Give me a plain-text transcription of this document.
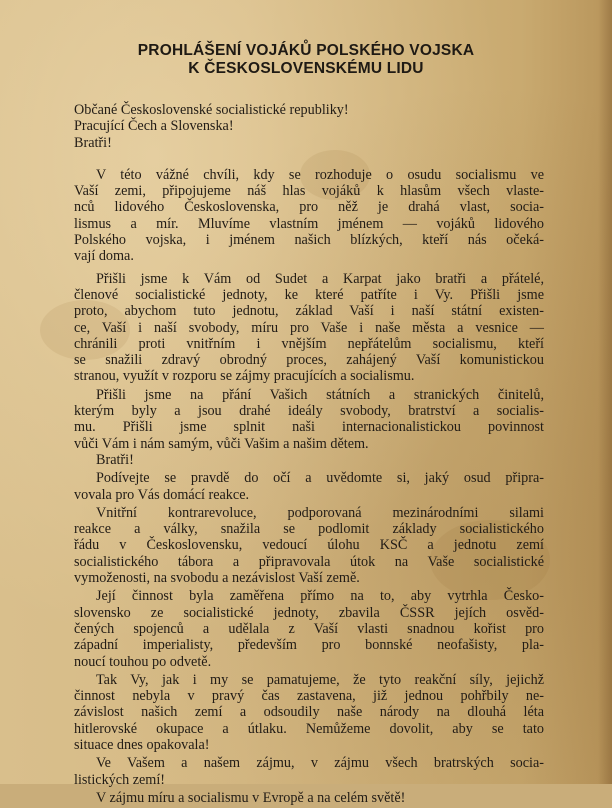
PROHLÁŠENÍ VOJÁKŮ POLSKÉHO VOJSKA
K ČESKOSLOVENSKÉMU LIDU
Občané Československé socialistické republiky!
Pracující Čech a Slovenska!
Bratři!
V této vážné chvíli, kdy se rozhoduje o osudu socialismu ve
Vaší zemi, připojujeme náš hlas vojáků k hlasům všech vlaste-
nců lidového Československa, pro něž je drahá vlast, socia-
lismus a mír. Mluvíme vlastním jménem — vojáků lidového
Polského vojska, i jménem našich blízkých, kteří nás očeká-
vají doma.
Přišli jsme k Vám od Sudet a Karpat jako bratři a přátelé,
členové socialistické jednoty, ke které patříte i Vy. Přišli jsme
proto, abychom tuto jednotu, základ Vaší i naší státní existen-
ce, Vaší i naší svobody, míru pro Vaše i naše města a vesnice —
chránili proti vnitřním i vnějším nepřátelům socialismu, kteří
se snažili zdravý obrodný proces, zahájený Vaší komunistickou
stranou, využít v rozporu se zájmy pracujících a socialismu.
Přišli jsme na přání Vašich státních a stranických činitelů,
kterým byly a jsou drahé ideály svobody, bratrství a socialis-
mu. Přišli jsme splnit naši internacionalistickou povinnost
vůči Vám i nám samým, vůči Vašim a našim dětem.
Bratři!
Podívejte se pravdě do očí a uvědomte si, jaký osud připra-
vovala pro Vás domácí reakce.
Vnitřní kontrarevoluce, podporovaná mezinárodními silami
reakce a války, snažila se podlomit základy socialistického
řádu v Československu, vedoucí úlohu KSČ a jednotu zemí
socialistického tábora a připravovala útok na Vaše socialistické
vymoženosti, na svobodu a nezávislost Vaší země.
Její činnost byla zaměřena přímo na to, aby vytrhla Česko-
slovensko ze socialistické jednoty, zbavila ČSSR jejích osvěd-
čených spojenců a udělala z Vaší vlasti snadnou kořist pro
západní imperialisty, především pro bonnské neofašisty, pla-
noucí touhou po odvetě.
Tak Vy, jak i my se pamatujeme, že tyto reakční síly, jejichž
činnost nebyla v pravý čas zastavena, již jednou pohřbily ne-
závislost našich zemí a odsoudily naše národy na dlouhá léta
hitlerovské okupace a útlaku. Nemůžeme dovolit, aby se tato
situace dnes opakovala!
Ve Vašem a našem zájmu, v zájmu všech bratrských socia-
listických zemí!
V zájmu míru a socialismu v Evropě a na celém světě!
